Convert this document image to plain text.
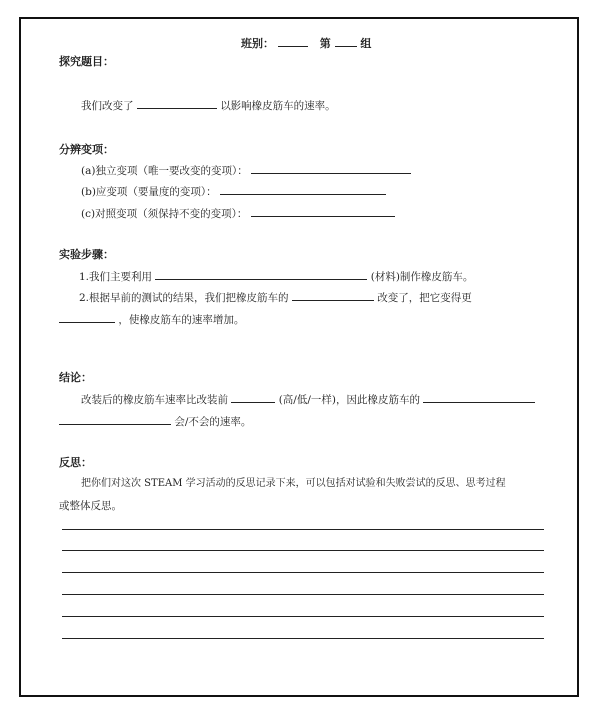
班别：	第	组
探究题目：
我们改变了	以影响橡皮筋车的速率。
分辨变项：
(a)独立变项（唯一要改变的变项）：
(b)应变项（要量度的变项）：
(c)对照变项（须保持不变的变项）：
实验步骤：
1.我们主要利用	(材料)制作橡皮筋车。
2.根据早前的测试的结果，我们把橡皮筋车的	改变了，把它变得更
，使橡皮筋车的速率增加。
结论：
改装后的橡皮筋车速率比改装前	(高/低/一样)，因此橡皮筋车的
会/不会的速率。
反思：
把你们对这次 STEAM 学习活动的反思记录下来，可以包括对试验和失败尝试的反思、思考过程
或整体反思。
